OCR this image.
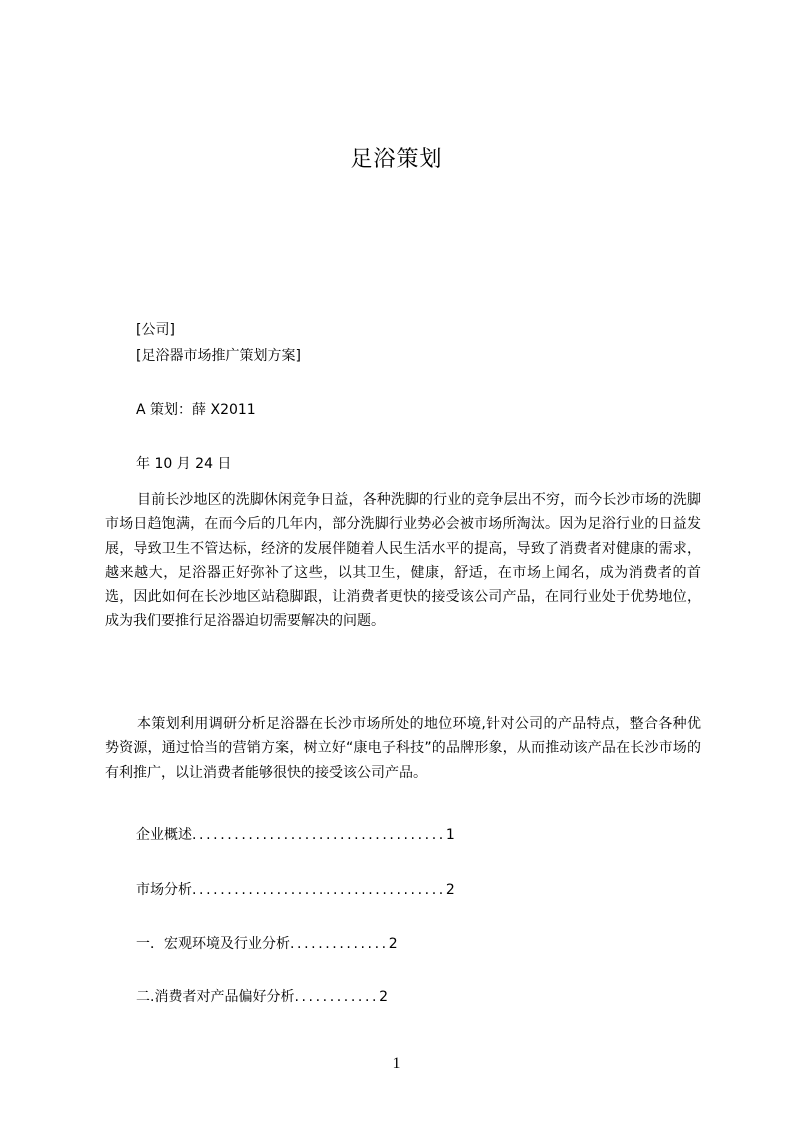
足浴策划
[公司]
[足浴器市场推广策划方案]
A 策划：薛 X2011
年 10 月 24 日

目前长沙地区的洗脚休闲竞争日益，各种洗脚的行业的竞争层出不穷，而今长沙市场的洗脚市场日趋饱满，在而今后的几年内，部分洗脚行业势必会被市场所淘汰。因为足浴行业的日益发展，导致卫生不管达标，经济的发展伴随着人民生活水平的提高，导致了消费者对健康的需求，越来越大，足浴器正好弥补了这些，以其卫生，健康，舒适，在市场上闻名，成为消费者的首选，因此如何在长沙地区站稳脚跟，让消费者更快的接受该公司产品，在同行业处于优势地位，成为我们要推行足浴器迫切需要解决的问题。

本策划利用调研分析足浴器在长沙市场所处的地位环境,针对公司的产品特点，整合各种优势资源，通过恰当的营销方案，树立好“康电子科技”的品牌形象，从而推动该产品在长沙市场的有利推广，以让消费者能够很快的接受该公司产品。

企业概述....................................1
市场分析....................................2
一．宏观环境及行业分析..............2
二.消费者对产品偏好分析............2
1
